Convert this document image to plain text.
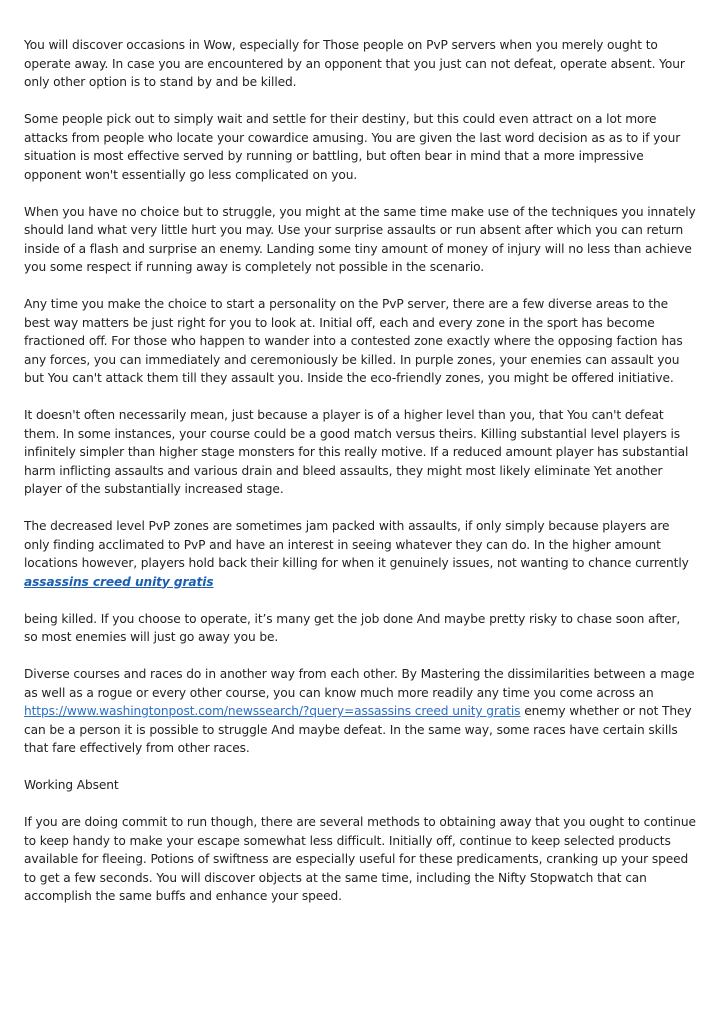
You will discover occasions in Wow, especially for Those people on PvP servers when you merely ought to operate away. In case you are encountered by an opponent that you just can not defeat, operate absent. Your only other option is to stand by and be killed.

Some people pick out to simply wait and settle for their destiny, but this could even attract on a lot more attacks from people who locate your cowardice amusing. You are given the last word decision as as to if your situation is most effective served by running or battling, but often bear in mind that a more impressive opponent won't essentially go less complicated on you.

When you have no choice but to struggle, you might at the same time make use of the techniques you innately should land what very little hurt you may. Use your surprise assaults or run absent after which you can return inside of a flash and surprise an enemy. Landing some tiny amount of money of injury will no less than achieve you some respect if running away is completely not possible in the scenario.

Any time you make the choice to start a personality on the PvP server, there are a few diverse areas to the best way matters be just right for you to look at. Initial off, each and every zone in the sport has become fractioned off. For those who happen to wander into a contested zone exactly where the opposing faction has any forces, you can immediately and ceremoniously be killed. In purple zones, your enemies can assault you but You can't attack them till they assault you. Inside the eco-friendly zones, you might be offered initiative.

It doesn't often necessarily mean, just because a player is of a higher level than you, that You can't defeat them. In some instances, your course could be a good match versus theirs. Killing substantial level players is infinitely simpler than higher stage monsters for this really motive. If a reduced amount player has substantial harm inflicting assaults and various drain and bleed assaults, they might most likely eliminate Yet another player of the substantially increased stage.

The decreased level PvP zones are sometimes jam packed with assaults, if only simply because players are only finding acclimated to PvP and have an interest in seeing whatever they can do. In the higher amount locations however, players hold back their killing for when it genuinely issues, not wanting to chance currently assassins creed unity gratis

being killed. If you choose to operate, it’s many get the job done And maybe pretty risky to chase soon after, so most enemies will just go away you be.

Diverse courses and races do in another way from each other. By Mastering the dissimilarities between a mage as well as a rogue or every other course, you can know much more readily any time you come across an https://www.washingtonpost.com/newssearch/?query=assassins creed unity gratis enemy whether or not They can be a person it is possible to struggle And maybe defeat. In the same way, some races have certain skills that fare effectively from other races.

Working Absent

If you are doing commit to run though, there are several methods to obtaining away that you ought to continue to keep handy to make your escape somewhat less difficult. Initially off, continue to keep selected products available for fleeing. Potions of swiftness are especially useful for these predicaments, cranking up your speed to get a few seconds. You will discover objects at the same time, including the Nifty Stopwatch that can accomplish the same buffs and enhance your speed.
